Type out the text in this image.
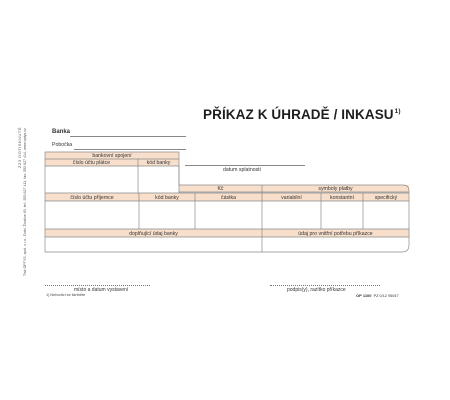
ZZ3 DOTISKNUTÉ Tisk OPTYS, spol. s r.o., Dolní Životice 63, tel.: 553 627 411, fax: 553 627 414, www.optys.cz
PŘÍKAZ K ÚHRADĚ / INKASU$^{1)}$
Banka
Pobočka
datum splatnosti
bankovní spojení
číslo účtu plátce	kód banky
Kč	symboly platby
číslo účtu příjemce	kód banky	částka	variabilní	konstantní	specifický
doplňující údaj banky	údaj pro vnitřní potřebu příkazce
místo a datum vystavení	podpis(y), razítko příkazce
1) Nehodící se škrtněte	OP 1100 PZ 0/12 95047
